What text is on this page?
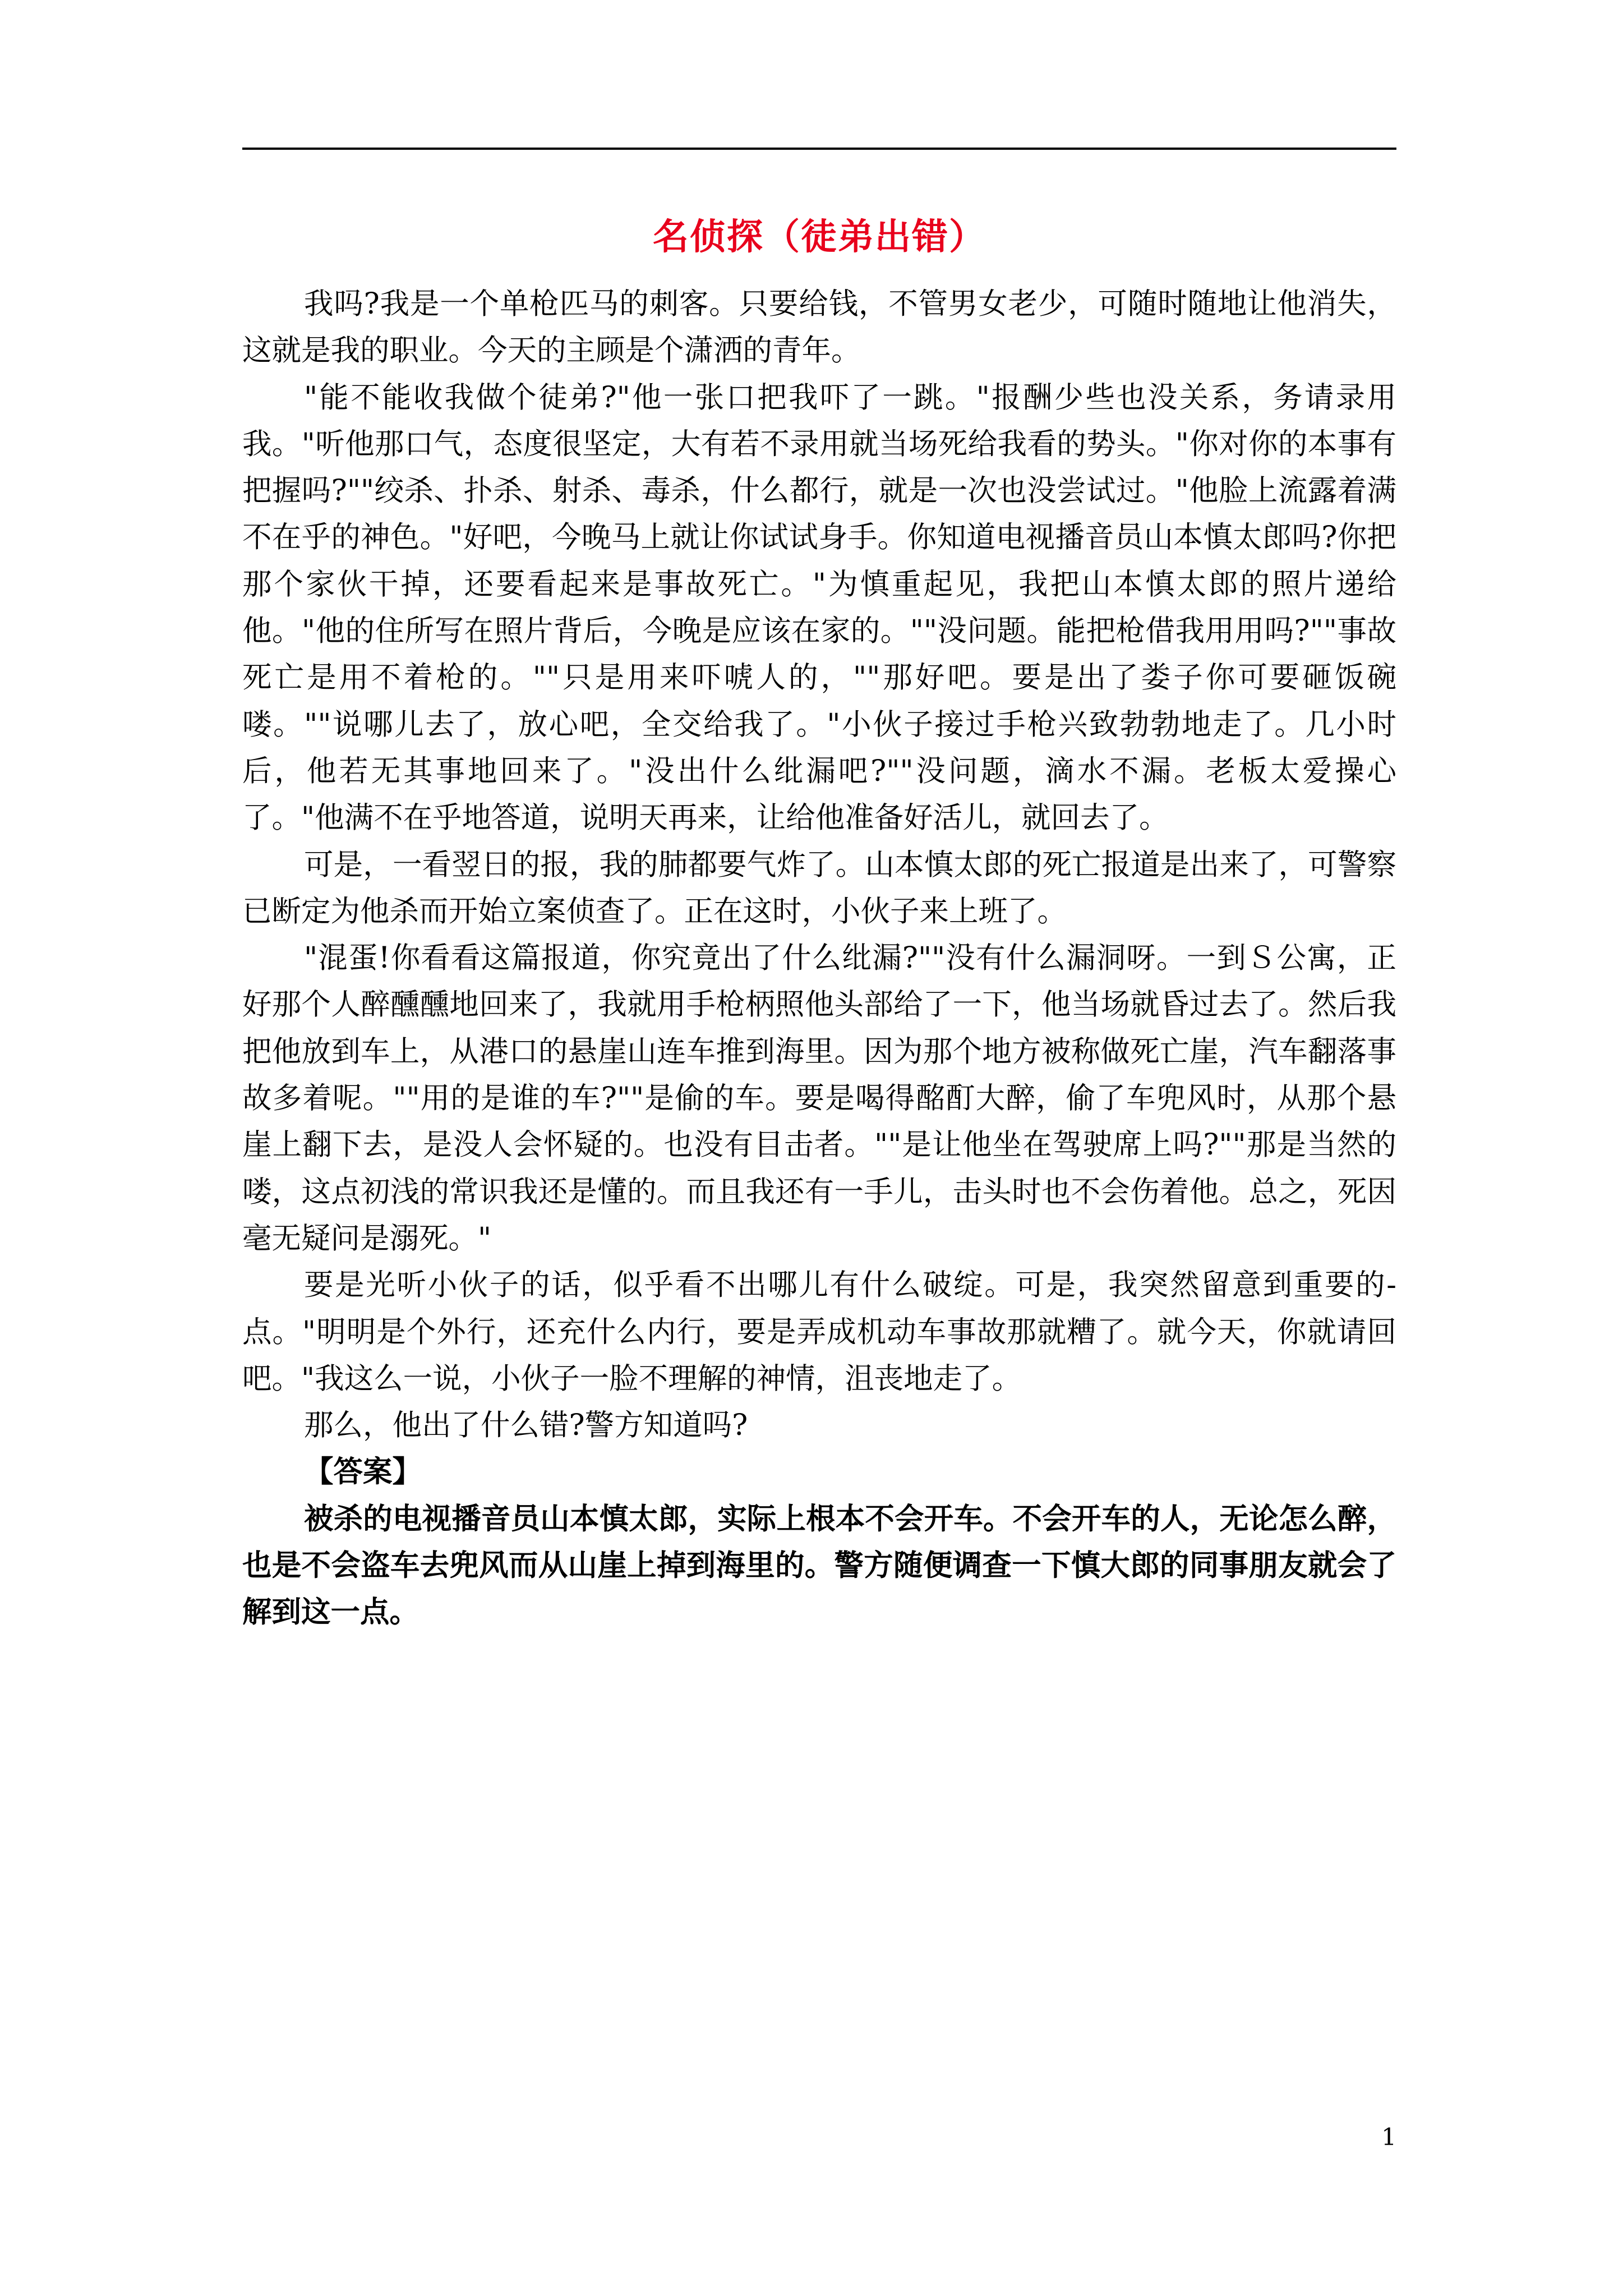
名侦探（徒弟出错）

我吗?我是一个单枪匹马的刺客。只要给钱，不管男女老少，可随时随地让他消失，这就是我的职业。今天的主顾是个潇洒的青年。

"能不能收我做个徒弟?"他一张口把我吓了一跳。"报酬少些也没关系，务请录用我。"听他那口气，态度很坚定，大有若不录用就当场死给我看的势头。"你对你的本事有把握吗?""绞杀、扑杀、射杀、毒杀，什么都行，就是一次也没尝试过。"他脸上流露着满不在乎的神色。"好吧，今晚马上就让你试试身手。你知道电视播音员山本慎太郎吗?你把那个家伙干掉，还要看起来是事故死亡。"为慎重起见，我把山本慎太郎的照片递给他。"他的住所写在照片背后，今晚是应该在家的。""没问题。能把枪借我用用吗?""事故死亡是用不着枪的。""只是用来吓唬人的，""那好吧。要是出了娄子你可要砸饭碗喽。""说哪儿去了，放心吧，全交给我了。"小伙子接过手枪兴致勃勃地走了。几小时后，他若无其事地回来了。"没出什么纰漏吧?""没问题，滴水不漏。老板太爱操心了。"他满不在乎地答道，说明天再来，让给他准备好活儿，就回去了。

可是，一看翌日的报，我的肺都要气炸了。山本慎太郎的死亡报道是出来了，可警察已断定为他杀而开始立案侦查了。正在这时，小伙子来上班了。

"混蛋!你看看这篇报道，你究竟出了什么纰漏?""没有什么漏洞呀。一到Ｓ公寓，正好那个人醉醺醺地回来了，我就用手枪柄照他头部给了一下，他当场就昏过去了。然后我把他放到车上，从港口的悬崖山连车推到海里。因为那个地方被称做死亡崖，汽车翻落事故多着呢。""用的是谁的车?""是偷的车。要是喝得酩酊大醉，偷了车兜风时，从那个悬崖上翻下去，是没人会怀疑的。也没有目击者。""是让他坐在驾驶席上吗?""那是当然的喽，这点初浅的常识我还是懂的。而且我还有一手儿，击头时也不会伤着他。总之，死因毫无疑问是溺死。"

要是光听小伙子的话，似乎看不出哪儿有什么破绽。可是，我突然留意到重要的-点。"明明是个外行，还充什么内行，要是弄成机动车事故那就糟了。就今天，你就请回吧。"我这么一说，小伙子一脸不理解的神情，沮丧地走了。

那么，他出了什么错?警方知道吗?

【答案】

被杀的电视播音员山本慎太郎，实际上根本不会开车。不会开车的人，无论怎么醉，也是不会盗车去兜风而从山崖上掉到海里的。警方随便调查一下慎大郎的同事朋友就会了解到这一点。

1
